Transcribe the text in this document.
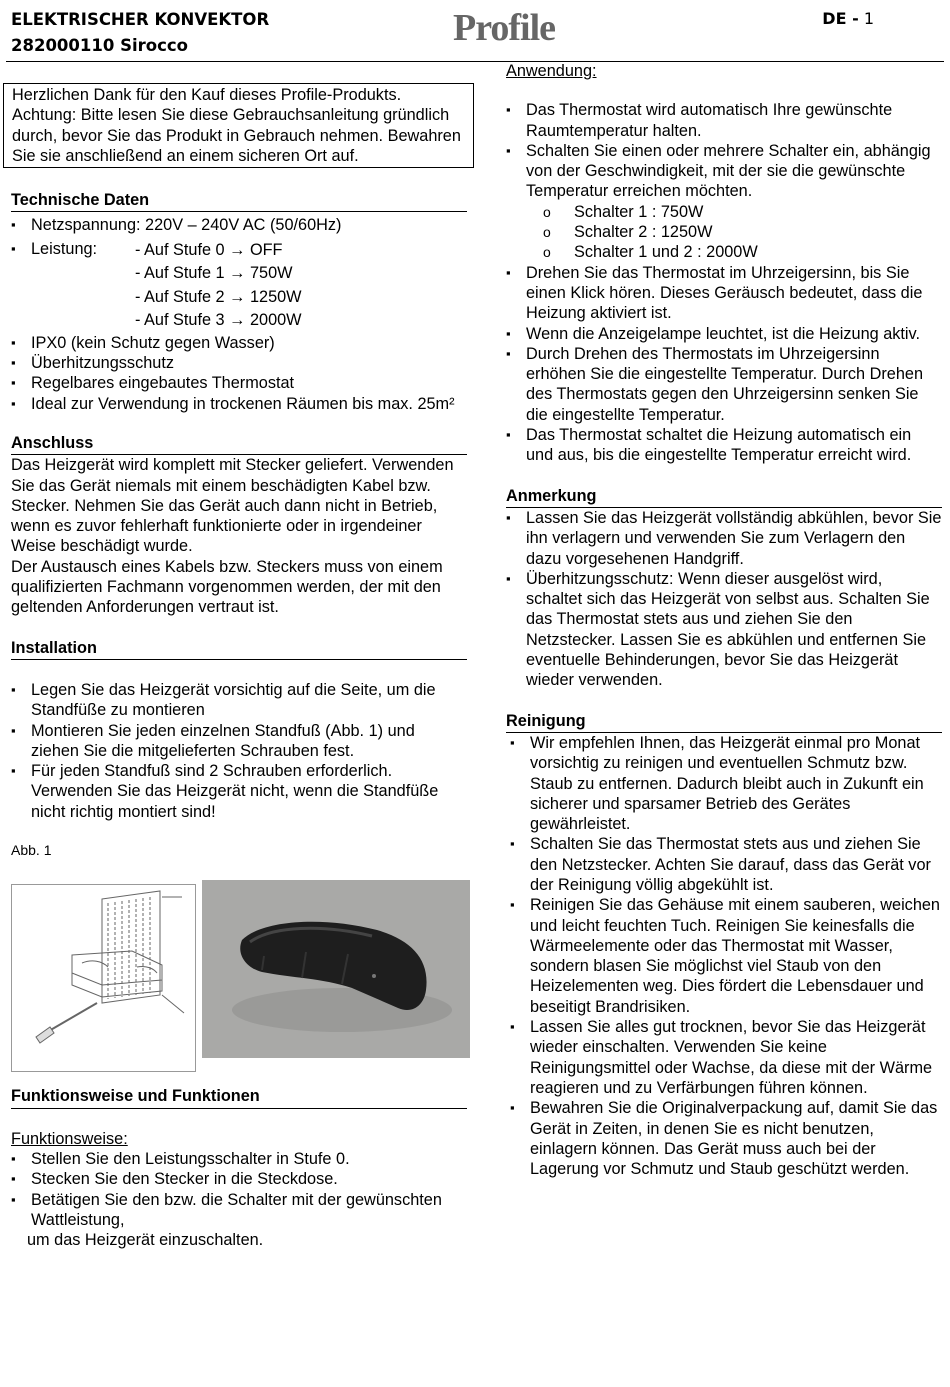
ELEKTRISCHER KONVEKTOR
282000110 Sirocco	Profile	DE - 1
Herzlichen Dank für den Kauf dieses Profile-Produkts. Achtung: Bitte lesen Sie diese Gebrauchsanleitung gründlich durch, bevor Sie das Produkt in Gebrauch nehmen. Bewahren Sie sie anschließend an einem sicheren Ort auf.
Technische Daten
▪ Netzspannung: 220V – 240V AC (50/60Hz)
▪ Leistung:	- Auf Stufe 0 → OFF
- Auf Stufe 1 → 750W
- Auf Stufe 2 → 1250W
- Auf Stufe 3 → 2000W
▪ IPX0 (kein Schutz gegen Wasser)
▪ Überhitzungsschutz
▪ Regelbares eingebautes Thermostat
▪ Ideal zur Verwendung in trockenen Räumen bis max. 25m²
Anschluss
Das Heizgerät wird komplett mit Stecker geliefert. Verwenden Sie das Gerät niemals mit einem beschädigten Kabel bzw. Stecker. Nehmen Sie das Gerät auch dann nicht in Betrieb, wenn es zuvor fehlerhaft funktionierte oder in irgendeiner Weise beschädigt wurde.
Der Austausch eines Kabels bzw. Steckers muss von einem qualifizierten Fachmann vorgenommen werden, der mit den geltenden Anforderungen vertraut ist.
Installation
▪ Legen Sie das Heizgerät vorsichtig auf die Seite, um die Standfüße zu montieren
▪ Montieren Sie jeden einzelnen Standfuß (Abb. 1) und ziehen Sie die mitgelieferten Schrauben fest.
▪ Für jeden Standfuß sind 2 Schrauben erforderlich. Verwenden Sie das Heizgerät nicht, wenn die Standfüße nicht richtig montiert sind!
Abb. 1
Funktionsweise und Funktionen
Funktionsweise:
▪ Stellen Sie den Leistungsschalter in Stufe 0.
▪ Stecken Sie den Stecker in die Steckdose.
▪ Betätigen Sie den bzw. die Schalter mit der gewünschten Wattleistung,
um das Heizgerät einzuschalten.
Anwendung:
▪ Das Thermostat wird automatisch Ihre gewünschte Raumtemperatur halten.
▪ Schalten Sie einen oder mehrere Schalter ein, abhängig von der Geschwindigkeit, mit der sie die gewünschte Temperatur erreichen möchten.
o Schalter 1 : 750W
o Schalter 2 : 1250W
o Schalter 1 und 2 : 2000W
▪ Drehen Sie das Thermostat im Uhrzeigersinn, bis Sie einen Klick hören. Dieses Geräusch bedeutet, dass die Heizung aktiviert ist.
▪ Wenn die Anzeigelampe leuchtet, ist die Heizung aktiv.
▪ Durch Drehen des Thermostats im Uhrzeigersinn erhöhen Sie die eingestellte Temperatur. Durch Drehen des Thermostats gegen den Uhrzeigersinn senken Sie die eingestellte Temperatur.
▪ Das Thermostat schaltet die Heizung automatisch ein und aus, bis die eingestellte Temperatur erreicht wird.
Anmerkung
▪ Lassen Sie das Heizgerät vollständig abkühlen, bevor Sie ihn verlagern und verwenden Sie zum Verlagern den dazu vorgesehenen Handgriff.
▪ Überhitzungsschutz: Wenn dieser ausgelöst wird, schaltet sich das Heizgerät von selbst aus. Schalten Sie das Thermostat stets aus und ziehen Sie den Netzstecker. Lassen Sie es abkühlen und entfernen Sie eventuelle Behinderungen, bevor Sie das Heizgerät wieder verwenden.
Reinigung
▪ Wir empfehlen Ihnen, das Heizgerät einmal pro Monat vorsichtig zu reinigen und eventuellen Schmutz bzw. Staub zu entfernen. Dadurch bleibt auch in Zukunft ein sicherer und sparsamer Betrieb des Gerätes gewährleistet.
▪ Schalten Sie das Thermostat stets aus und ziehen Sie den Netzstecker. Achten Sie darauf, dass das Gerät vor der Reinigung völlig abgekühlt ist.
▪ Reinigen Sie das Gehäuse mit einem sauberen, weichen und leicht feuchten Tuch. Reinigen Sie keinesfalls die Wärmeelemente oder das Thermostat mit Wasser, sondern blasen Sie möglichst viel Staub von den Heizelementen weg. Dies fördert die Lebensdauer und beseitigt Brandrisiken.
▪ Lassen Sie alles gut trocknen, bevor Sie das Heizgerät wieder einschalten. Verwenden Sie keine Reinigungsmittel oder Wachse, da diese mit der Wärme reagieren und zu Verfärbungen führen können.
▪ Bewahren Sie die Originalverpackung auf, damit Sie das Gerät in Zeiten, in denen Sie es nicht benutzen, einlagern können. Das Gerät muss auch bei der Lagerung vor Schmutz und Staub geschützt werden.
